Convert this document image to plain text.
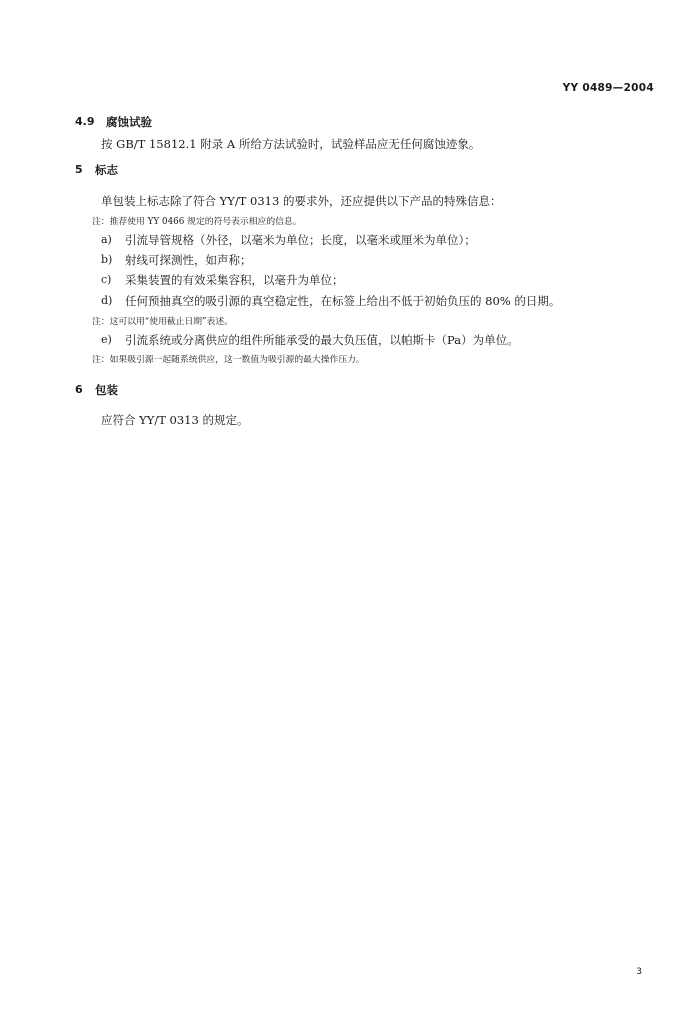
YY 0489—2004
4.9 腐蚀试验
按 GB/T 15812.1 附录 A 所给方法试验时，试验样品应无任何腐蚀迹象。
5 标志
单包装上标志除了符合 YY/T 0313 的要求外，还应提供以下产品的特殊信息：
注：推荐使用 YY 0466 规定的符号表示相应的信息。
a) 引流导管规格（外径，以毫米为单位；长度，以毫米或厘米为单位）；
b) 射线可探测性，如声称；
c) 采集装置的有效采集容积，以毫升为单位；
d) 任何预抽真空的吸引源的真空稳定性，在标签上给出不低于初始负压的 80% 的日期。
注：这可以用“使用截止日期”表述。
e) 引流系统或分离供应的组件所能承受的最大负压值，以帕斯卡（Pa）为单位。
注：如果吸引源一起随系统供应，这一数值为吸引源的最大操作压力。
6 包装
应符合 YY/T 0313 的规定。
3
